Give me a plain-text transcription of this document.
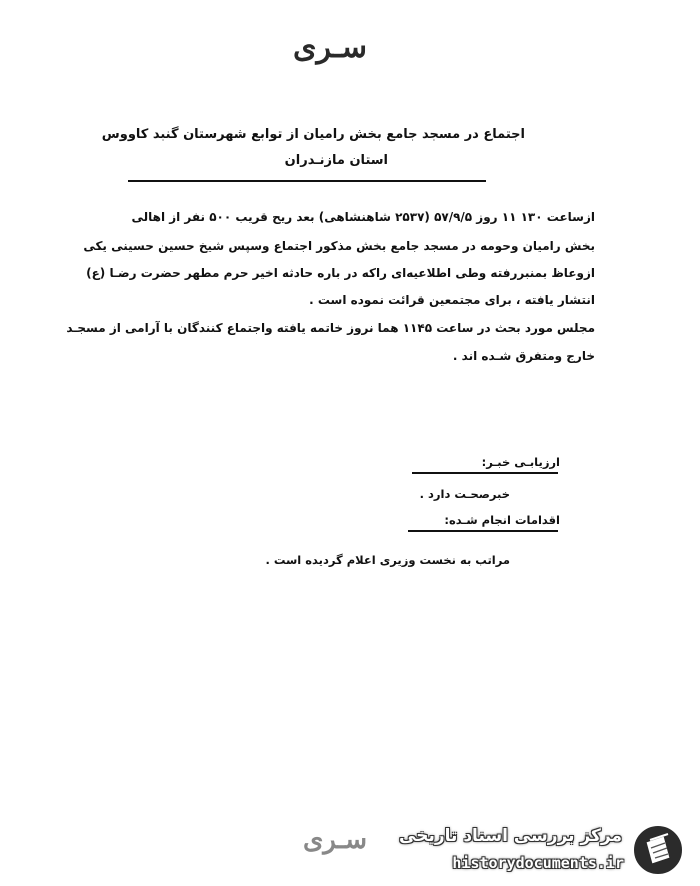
سـری
اجتماع در مسجد جامع بخش رامیان از توابع شهرستان گنبد کاووس
استان مازنـدران
ازساعت ۱۳۰ ۱۱ روز ۵۷/۹/۵ (۲۵۳۷ شاهنشاهی) بعد ریح قریب ۵۰۰ نفر از اهالی
بخش رامیان وحومه در مسجد جامع بخش مذکور اجتماع وسپس شیخ حسین حسینی یکی
ازوعاظ بمنبررفته وطی اطلاعیه‌ای راکه در باره حادثه اخیر حرم مطهر حضرت رضـا (ع)
انتشار یافته ، برای مجتمعین قرائت نموده است .
مجلس مورد بحث در ساعت ۱۱۴۵ هما نروز خاتمه یافته واجتماع کنندگان با آرامی از مسجـد
خارج ومتفرق شـده اند .
ارزیابـی خبـر:
خبرصحـت دارد .
اقدامات انجام شـده:
مراتب به نخست وزیری اعلام گردیده است .
سـری	مرکز بررسی اسناد تاریخی
historydocuments.ir
